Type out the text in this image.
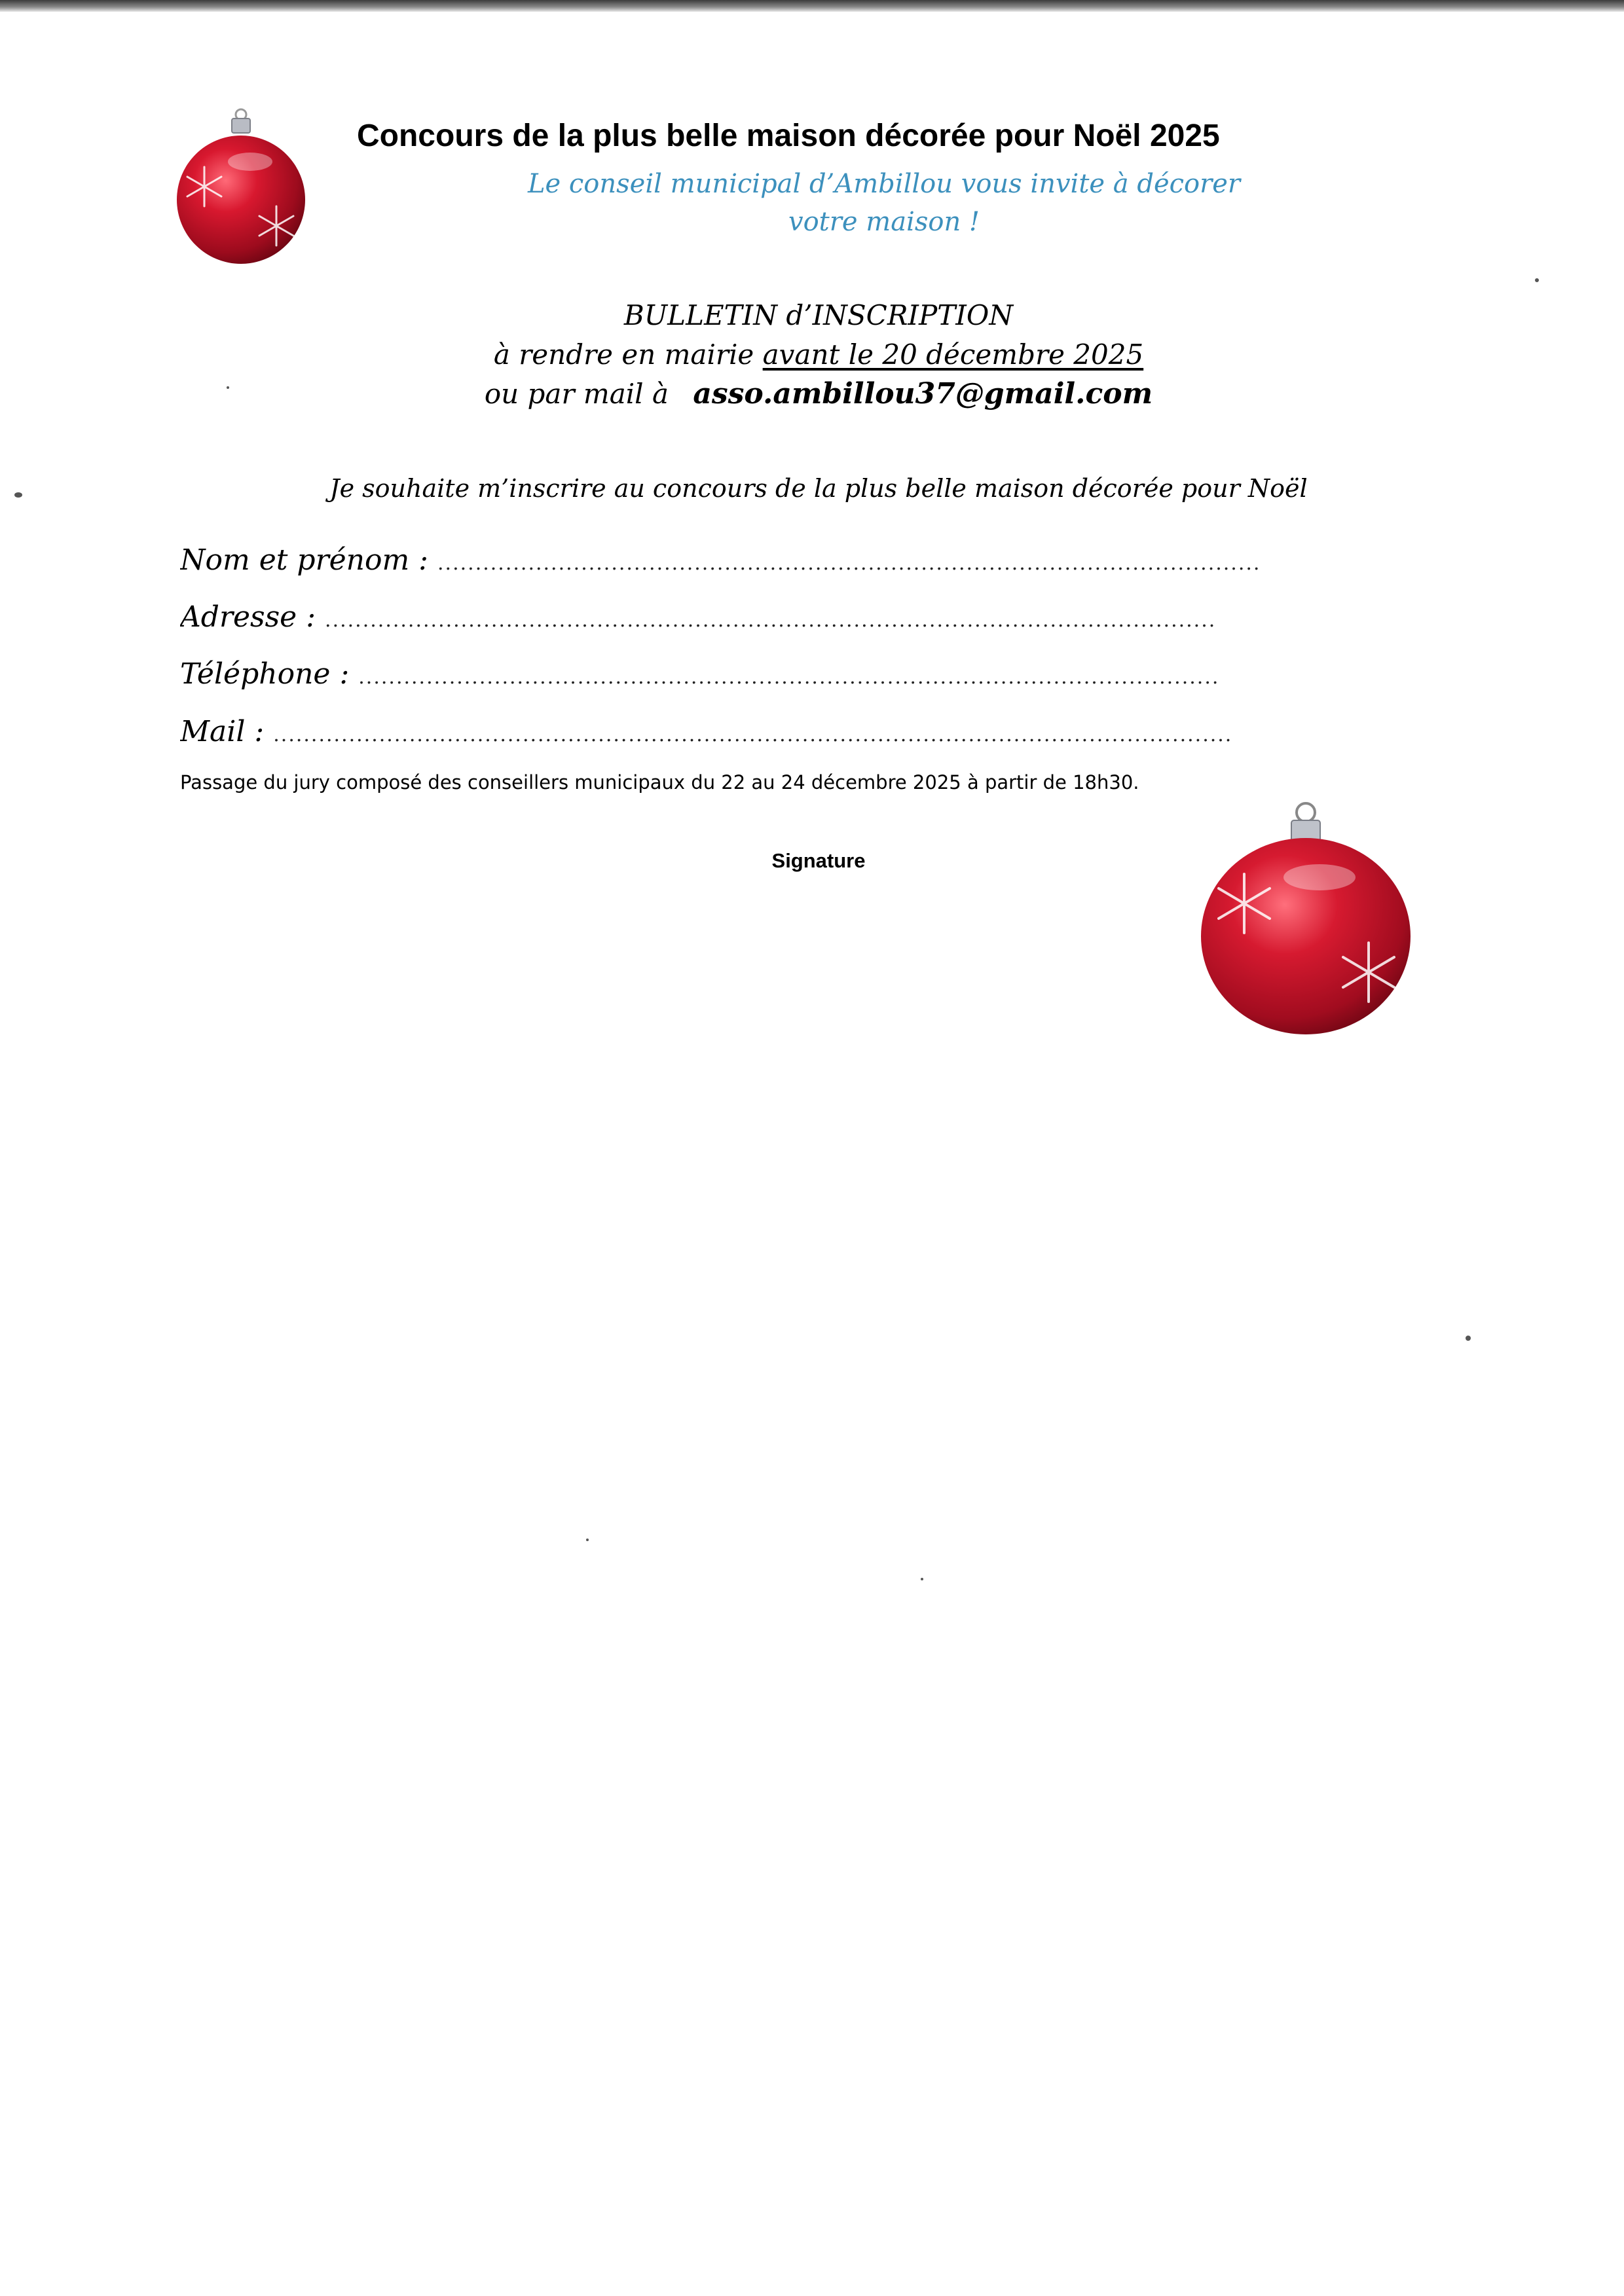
Concours de la plus belle maison décorée pour Noël 2025
Le conseil municipal d’Ambillou vous invite à décorer
votre maison !
BULLETIN d’INSCRIPTION
à rendre en mairie avant le 20 décembre 2025
ou par mail à asso.ambillou37@gmail.com
Je souhaite m’inscrire au concours de la plus belle maison décorée pour Noël
Nom et prénom : .............................................................................................................
Adresse : ......................................................................................................................
Téléphone : ..................................................................................................................
Mail : ...............................................................................................................................
Passage du jury composé des conseillers municipaux du 22 au 24 décembre 2025 à partir de 18h30.
Signature
